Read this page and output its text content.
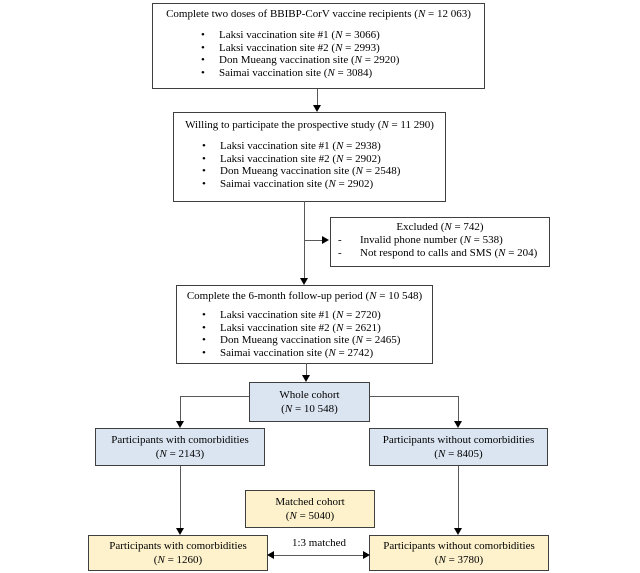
Complete two doses of BBIBP-CorV vaccine recipients (N = 12 063)
• Laksi vaccination site #1 (N = 3066)
• Laksi vaccination site #2 (N = 2993)
• Don Mueang vaccination site (N = 2920)
• Saimai vaccination site (N = 3084)
Willing to participate the prospective study (N = 11 290)
• Laksi vaccination site #1 (N = 2938)
• Laksi vaccination site #2 (N = 2902)
• Don Mueang vaccination site (N = 2548)
• Saimai vaccination site (N = 2902)
Excluded (N = 742)
- Invalid phone number (N = 538)
- Not respond to calls and SMS (N = 204)
Complete the 6-month follow-up period (N = 10 548)
• Laksi vaccination site #1 (N = 2720)
• Laksi vaccination site #2 (N = 2621)
• Don Mueang vaccination site (N = 2465)
• Saimai vaccination site (N = 2742)
Whole cohort
(N = 10 548)
Participants with comorbidities
(N = 2143)
Participants without comorbidities
(N = 8405)
Matched cohort
(N = 5040)
Participants with comorbidities
(N = 1260)
Participants without comorbidities
(N = 3780)
1:3 matched
